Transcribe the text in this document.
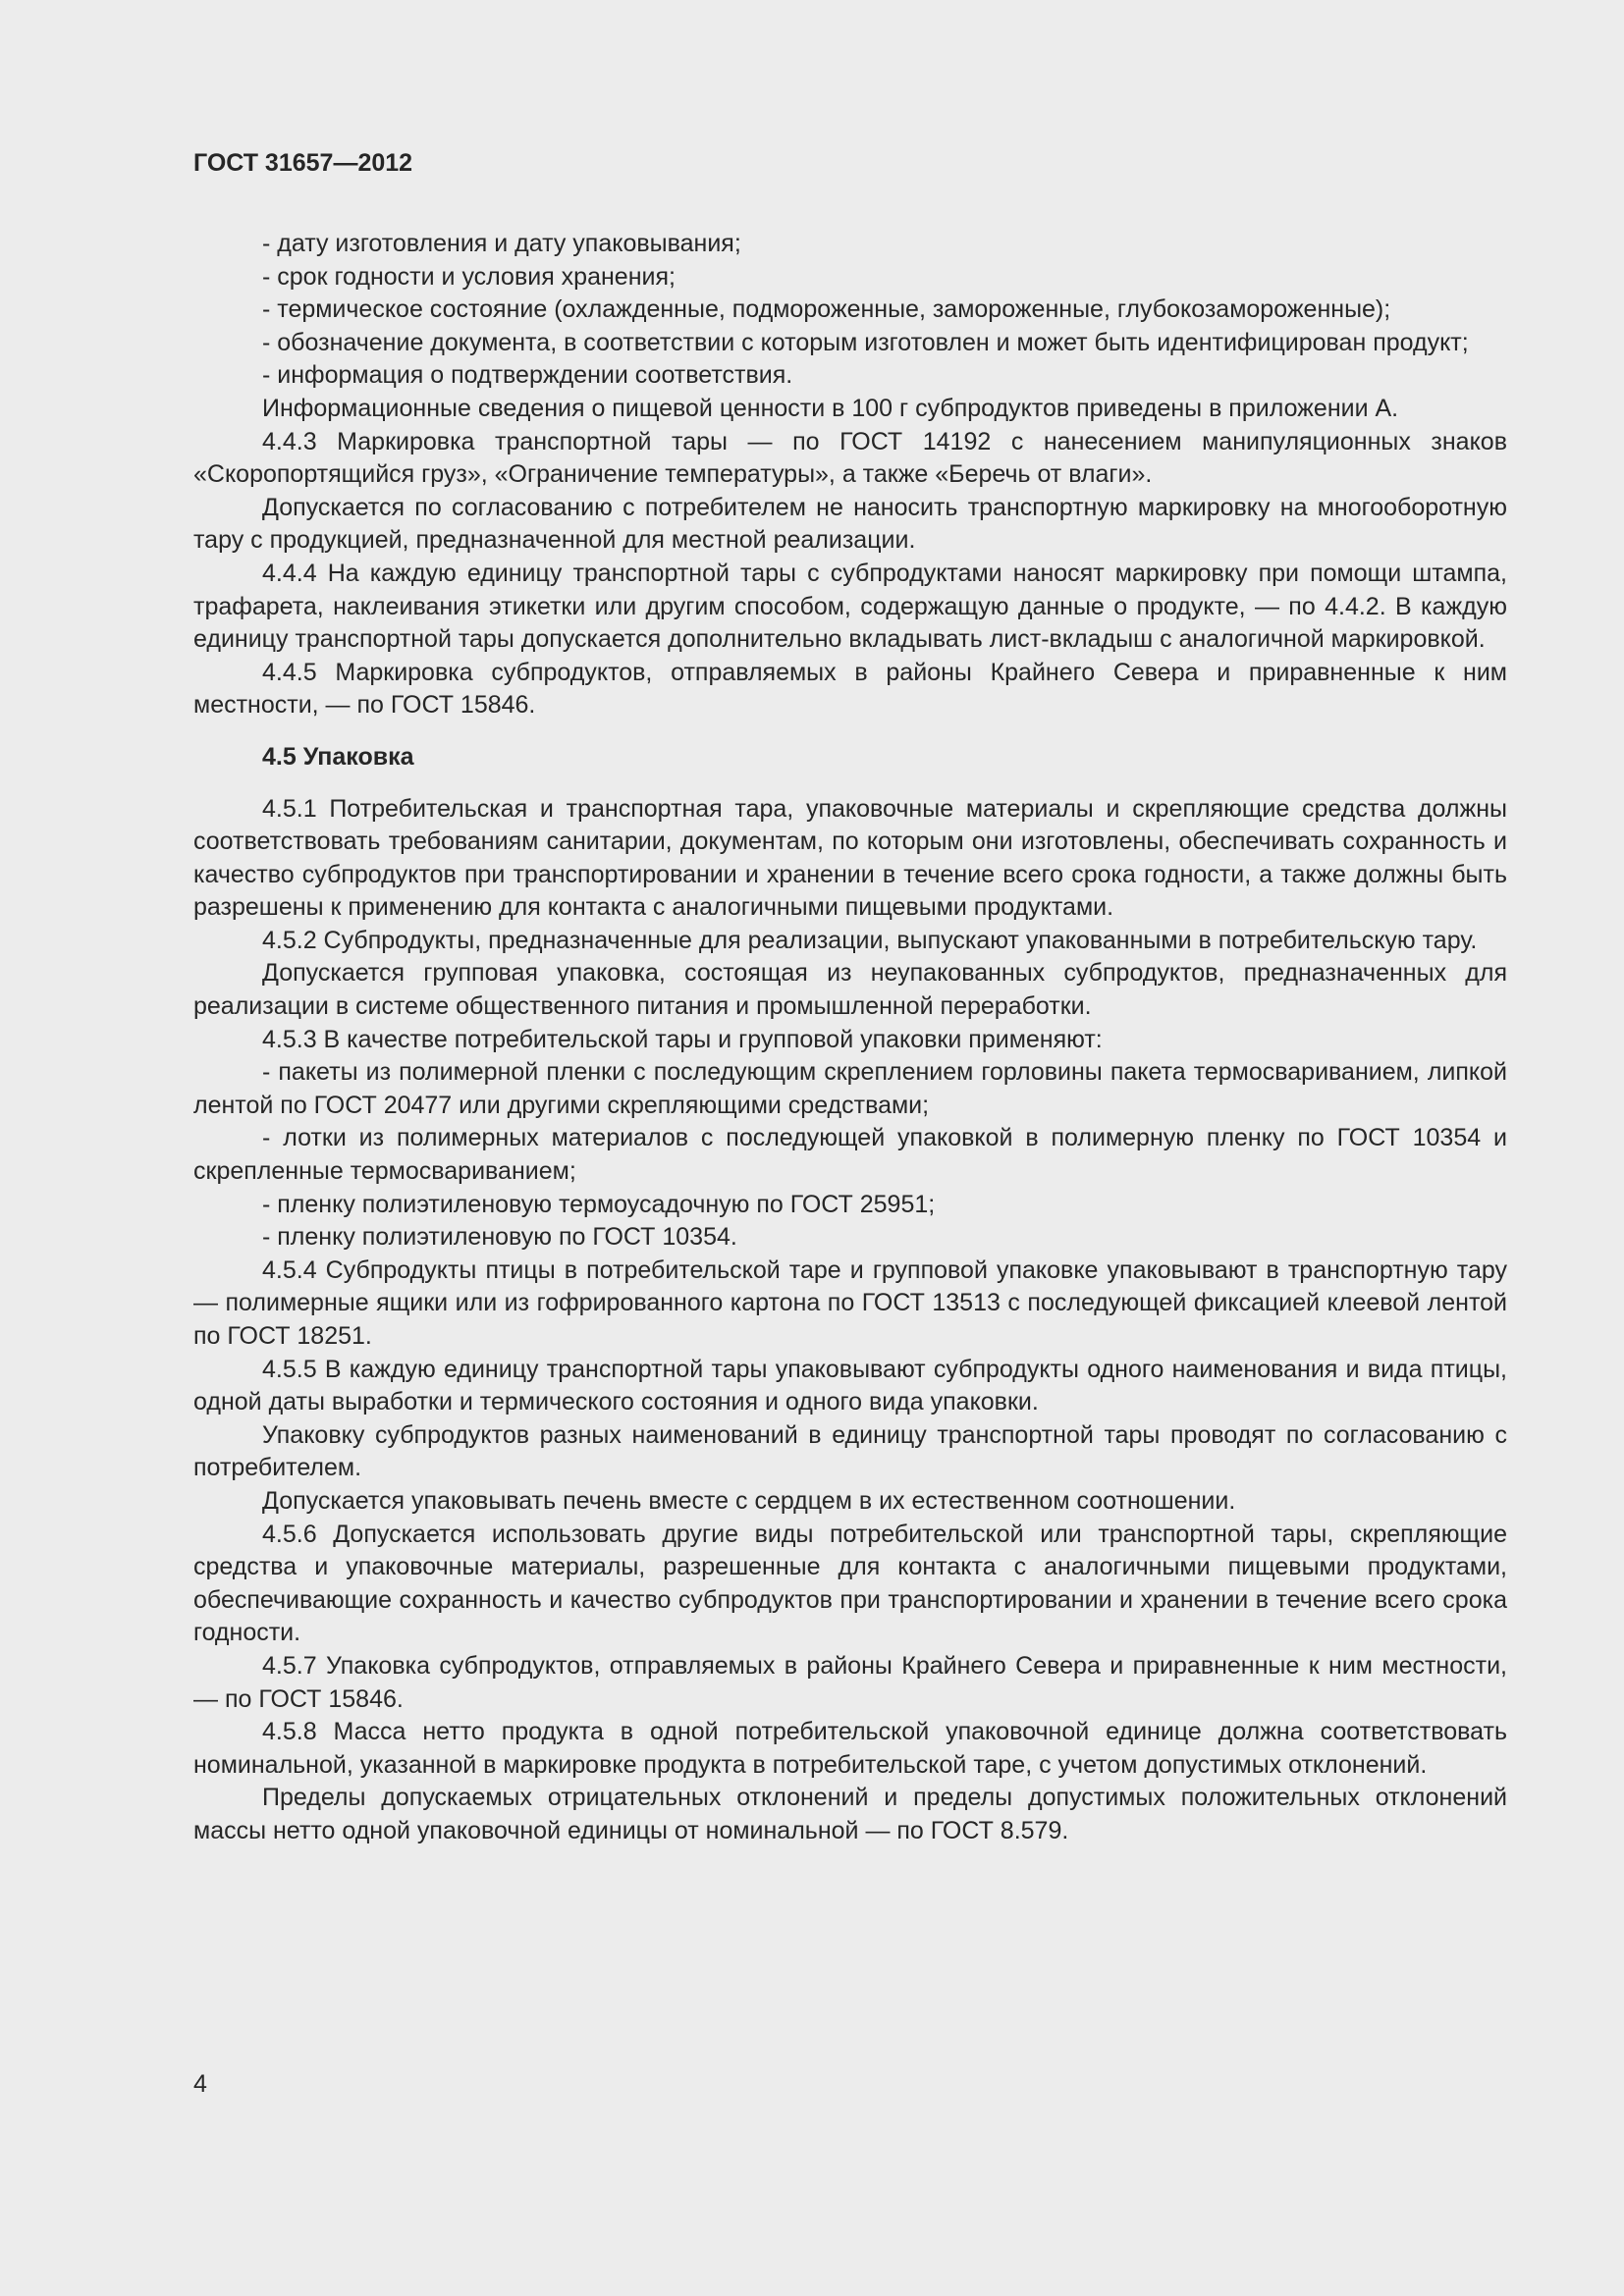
ГОСТ 31657—2012

- дату изготовления и дату упаковывания;

- срок годности и условия хранения;

- термическое состояние (охлажденные, подмороженные, замороженные, глубокозамороженные);

- обозначение документа, в соответствии с которым изготовлен и может быть идентифицирован продукт;

- информация о подтверждении соответствия.

Информационные сведения о пищевой ценности в 100 г субпродуктов приведены в приложении А.

4.4.3 Маркировка транспортной тары — по ГОСТ 14192 с нанесением манипуляционных знаков «Скоропортящийся груз», «Ограничение температуры», а также «Беречь от влаги».

Допускается по согласованию с потребителем не наносить транспортную маркировку на многооборотную тару с продукцией, предназначенной для местной реализации.

4.4.4 На каждую единицу транспортной тары с субпродуктами наносят маркировку при помощи штампа, трафарета, наклеивания этикетки или другим способом, содержащую данные о продукте, — по 4.4.2. В каждую единицу транспортной тары допускается дополнительно вкладывать лист-вкладыш с аналогичной маркировкой.

4.4.5 Маркировка субпродуктов, отправляемых в районы Крайнего Севера и приравненные к ним местности, — по ГОСТ 15846.

4.5 Упаковка

4.5.1 Потребительская и транспортная тара, упаковочные материалы и скрепляющие средства должны соответствовать требованиям санитарии, документам, по которым они изготовлены, обеспечивать сохранность и качество субпродуктов при транспортировании и хранении в течение всего срока годности, а также должны быть разрешены к применению для контакта с аналогичными пищевыми продуктами.

4.5.2 Субпродукты, предназначенные для реализации, выпускают упакованными в потребительскую тару.

Допускается групповая упаковка, состоящая из неупакованных субпродуктов, предназначенных для реализации в системе общественного питания и промышленной переработки.

4.5.3 В качестве потребительской тары и групповой упаковки применяют:

- пакеты из полимерной пленки с последующим скреплением горловины пакета термосвариванием, липкой лентой по ГОСТ 20477 или другими скрепляющими средствами;

- лотки из полимерных материалов с последующей упаковкой в полимерную пленку по ГОСТ 10354 и скрепленные термосвариванием;

- пленку полиэтиленовую термоусадочную по ГОСТ 25951;

- пленку полиэтиленовую по ГОСТ 10354.

4.5.4 Субпродукты птицы в потребительской таре и групповой упаковке упаковывают в транспортную тару — полимерные ящики или из гофрированного картона по ГОСТ 13513 с последующей фиксацией клеевой лентой по ГОСТ 18251.

4.5.5 В каждую единицу транспортной тары упаковывают субпродукты одного наименования и вида птицы, одной даты выработки и термического состояния и одного вида упаковки.

Упаковку субпродуктов разных наименований в единицу транспортной тары проводят по согласованию с потребителем.

Допускается упаковывать печень вместе с сердцем в их естественном соотношении.

4.5.6 Допускается использовать другие виды потребительской или транспортной тары, скрепляющие средства и упаковочные материалы, разрешенные для контакта с аналогичными пищевыми продуктами, обеспечивающие сохранность и качество субпродуктов при транспортировании и хранении в течение всего срока годности.

4.5.7 Упаковка субпродуктов, отправляемых в районы Крайнего Севера и приравненные к ним местности, — по ГОСТ 15846.

4.5.8 Масса нетто продукта в одной потребительской упаковочной единице должна соответствовать номинальной, указанной в маркировке продукта в потребительской таре, с учетом допустимых отклонений.

Пределы допускаемых отрицательных отклонений и пределы допустимых положительных отклонений массы нетто одной упаковочной единицы от номинальной — по ГОСТ 8.579.

4
